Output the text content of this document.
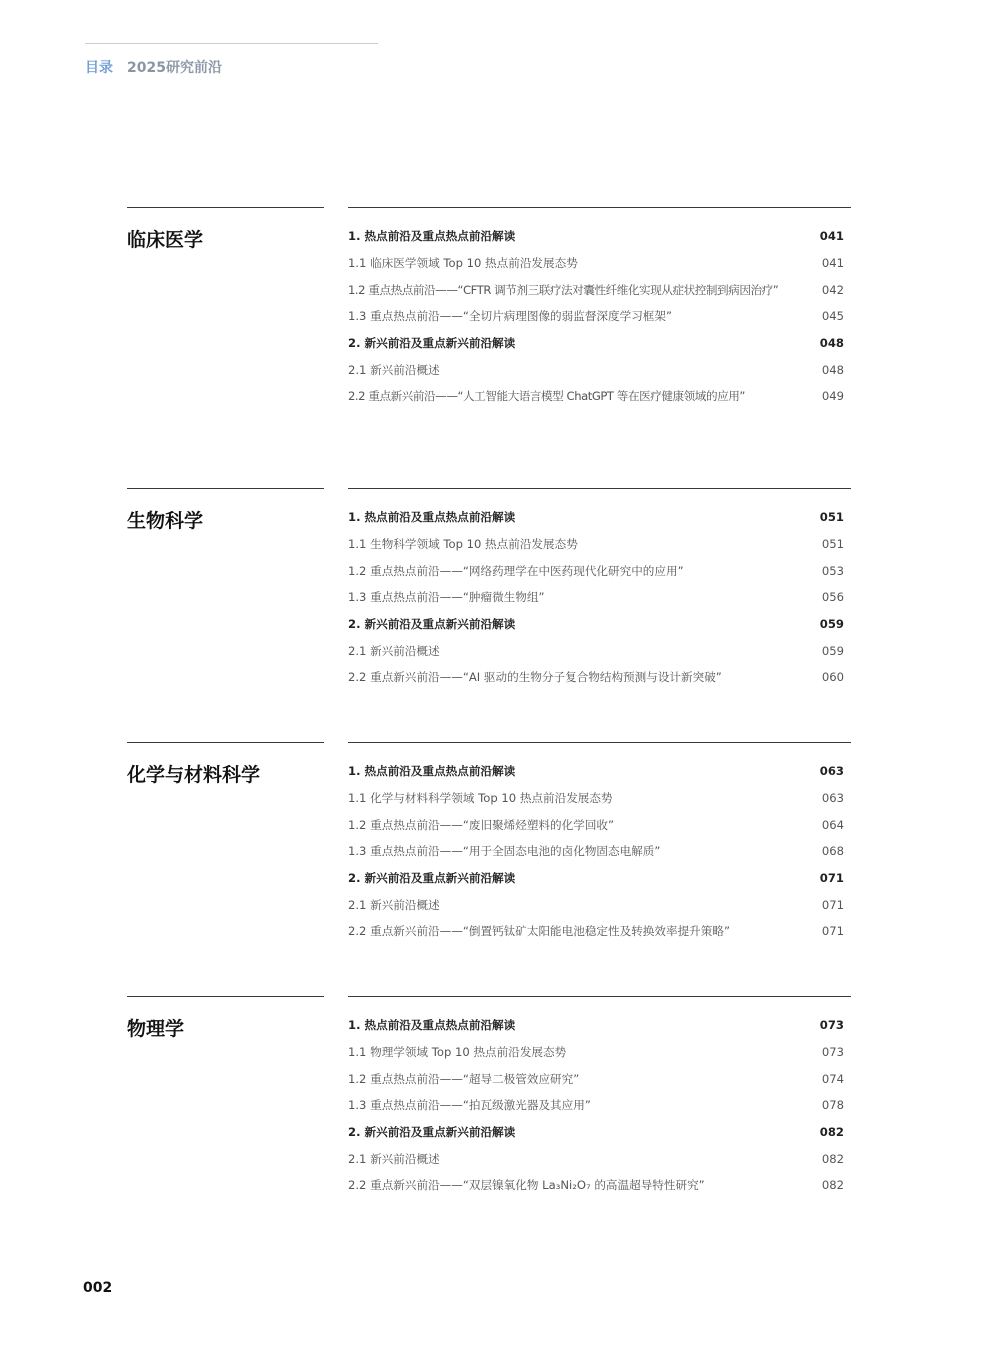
目录 2025研究前沿
临床医学	1. 热点前沿及重点热点前沿解读	041
1.1 临床医学领域 Top 10 热点前沿发展态势	041
1.2 重点热点前沿——“CFTR 调节剂三联疗法对囊性纤维化实现从症状控制到病因治疗”	042
1.3 重点热点前沿——“全切片病理图像的弱监督深度学习框架”	045
2. 新兴前沿及重点新兴前沿解读	048
2.1 新兴前沿概述	048
2.2 重点新兴前沿——“人工智能大语言模型 ChatGPT 等在医疗健康领域的应用”	049
生物科学	1. 热点前沿及重点热点前沿解读	051
1.1 生物科学领域 Top 10 热点前沿发展态势	051
1.2 重点热点前沿——“网络药理学在中医药现代化研究中的应用”	053
1.3 重点热点前沿——“肿瘤微生物组”	056
2. 新兴前沿及重点新兴前沿解读	059
2.1 新兴前沿概述	059
2.2 重点新兴前沿——“AI 驱动的生物分子复合物结构预测与设计新突破”	060
化学与材料科学	1. 热点前沿及重点热点前沿解读	063
1.1 化学与材料科学领域 Top 10 热点前沿发展态势	063
1.2 重点热点前沿——“废旧聚烯烃塑料的化学回收”	064
1.3 重点热点前沿——“用于全固态电池的卤化物固态电解质”	068
2. 新兴前沿及重点新兴前沿解读	071
2.1 新兴前沿概述	071
2.2 重点新兴前沿——“倒置钙钛矿太阳能电池稳定性及转换效率提升策略”	071
物理学	1. 热点前沿及重点热点前沿解读	073
1.1 物理学领域 Top 10 热点前沿发展态势	073
1.2 重点热点前沿——“超导二极管效应研究”	074
1.3 重点热点前沿——“拍瓦级激光器及其应用”	078
2. 新兴前沿及重点新兴前沿解读	082
2.1 新兴前沿概述	082
2.2 重点新兴前沿——“双层镍氧化物 La₃Ni₂O₇ 的高温超导特性研究”	082
002
